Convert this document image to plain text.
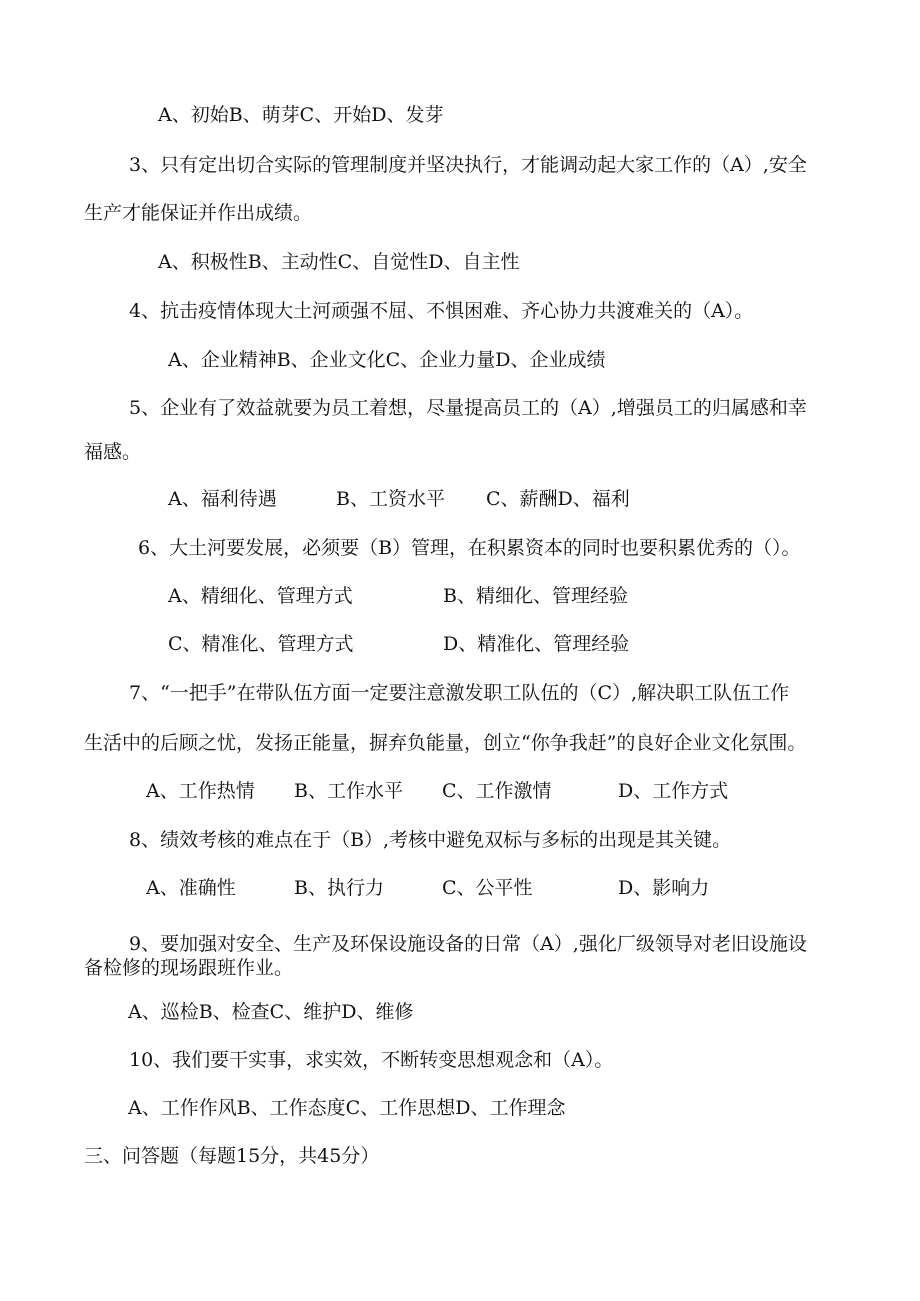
A、初始B、萌芽C、开始D、发芽
3、只有定出切合实际的管理制度并坚决执行，才能调动起大家工作的（A）,安全
生产才能保证并作出成绩。
A、积极性B、主动性C、自觉性D、自主性
4、抗击疫情体现大土河顽强不屈、不惧困难、齐心协力共渡难关的（A）。
A、企业精神B、企业文化C、企业力量D、企业成绩
5、企业有了效益就要为员工着想，尽量提高员工的（A）,增强员工的归属感和幸
福感。
A、福利待遇	B、工资水平 C、薪酬D、福利
6、大土河要发展，必须要（B）管理，在积累资本的同时也要积累优秀的（）。
A、精细化、管理方式	B、精细化、管理经验
C、精准化、管理方式	D、精准化、管理经验
7、“一把手”在带队伍方面一定要注意激发职工队伍的（C）,解决职工队伍工作
生活中的后顾之忧，发扬正能量，摒弃负能量，创立“你争我赶”的良好企业文化氛围。
A、工作热情 B、工作水平 C、工作激情	D、工作方式
8、绩效考核的难点在于（B）,考核中避免双标与多标的出现是其关键。
A、准确性	B、执行力	C、公平性	D、影响力
9、要加强对安全、生产及环保设施设备的日常（A）,强化厂级领导对老旧设施设
备检修的现场跟班作业。
A、巡检B、检查C、维护D、维修
10、我们要干实事，求实效，不断转变思想观念和（A）。
A、工作作风B、工作态度C、工作思想D、工作理念
三、问答题（每题15分，共45分）
